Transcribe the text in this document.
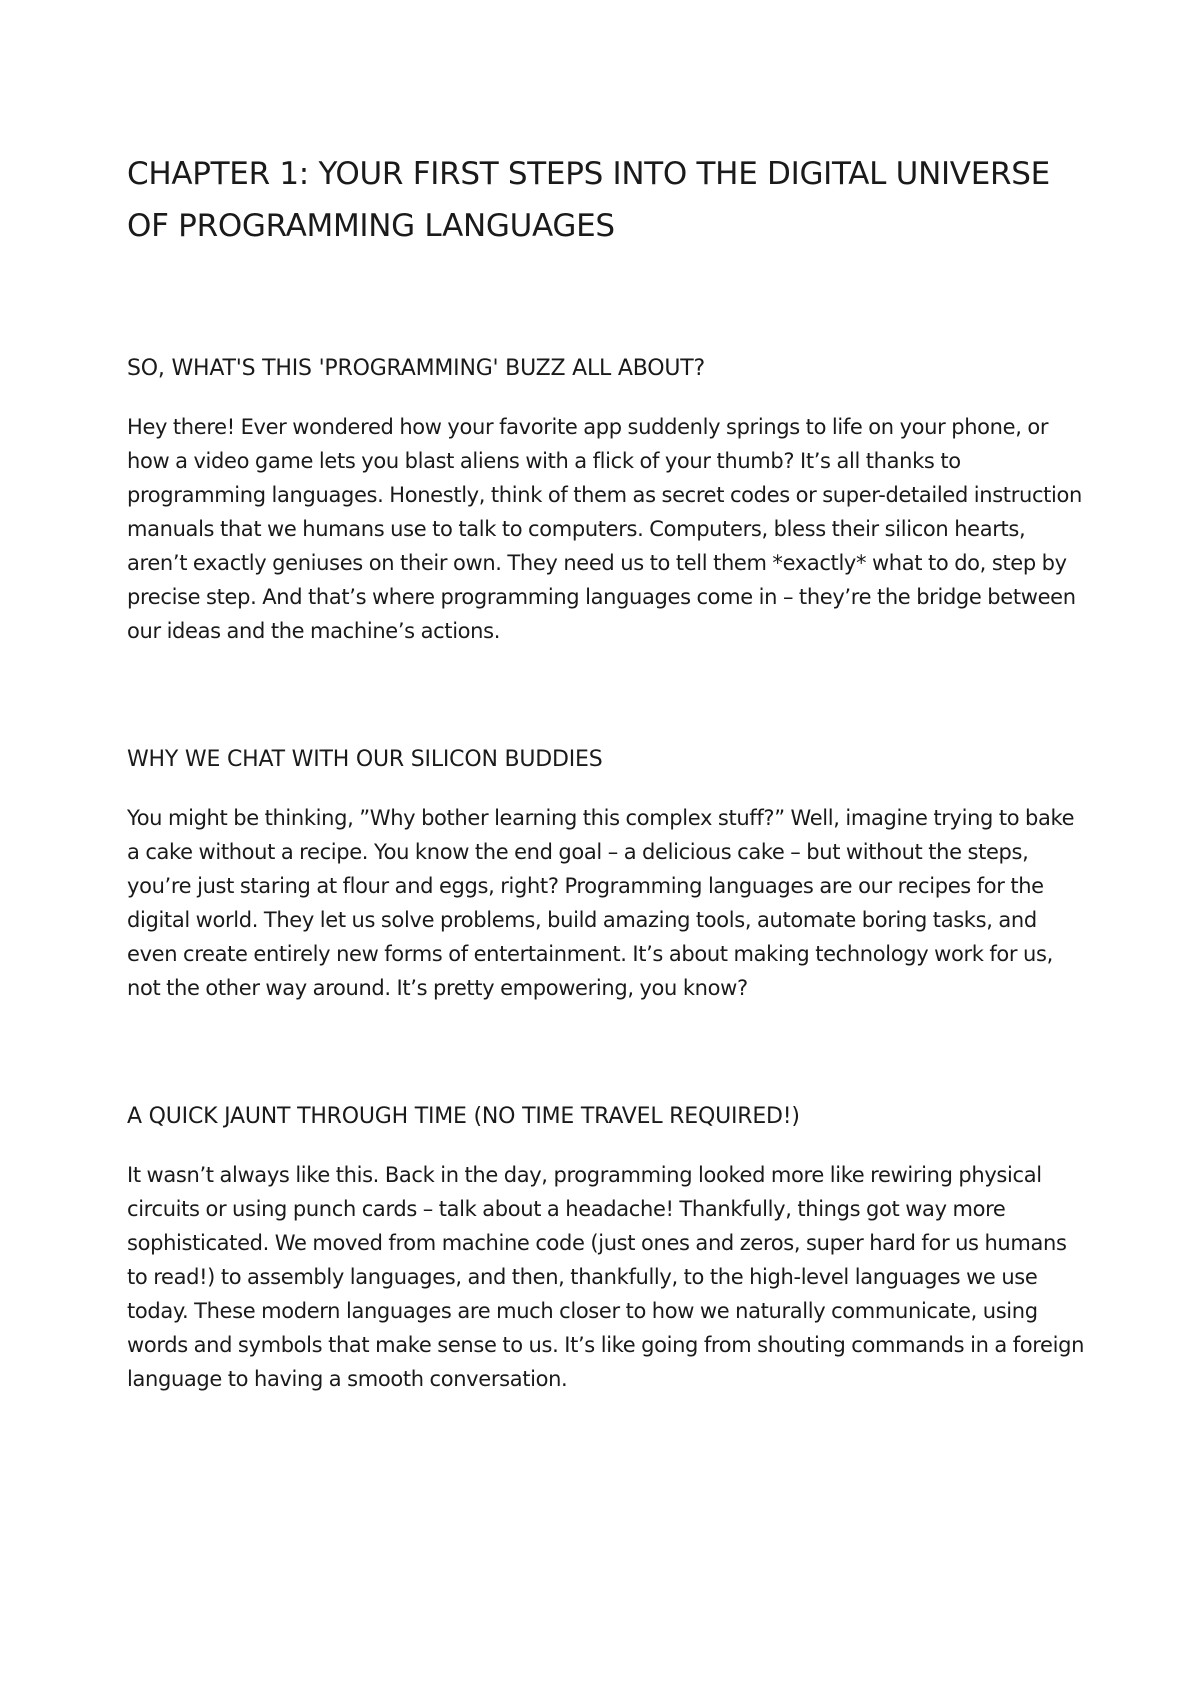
CHAPTER 1: YOUR FIRST STEPS INTO THE DIGITAL UNIVERSE OF PROGRAMMING LANGUAGES
SO, WHAT'S THIS 'PROGRAMMING' BUZZ ALL ABOUT?

Hey there! Ever wondered how your favorite app suddenly springs to life on your phone, or how a video game lets you blast aliens with a flick of your thumb? It’s all thanks to programming languages. Honestly, think of them as secret codes or super-detailed instruction manuals that we humans use to talk to computers. Computers, bless their silicon hearts, aren’t exactly geniuses on their own. They need us to tell them *exactly* what to do, step by precise step. And that’s where programming languages come in – they’re the bridge between our ideas and the machine’s actions.

WHY WE CHAT WITH OUR SILICON BUDDIES

You might be thinking, ”Why bother learning this complex stuff?” Well, imagine trying to bake a cake without a recipe. You know the end goal – a delicious cake – but without the steps, you’re just staring at flour and eggs, right? Programming languages are our recipes for the digital world. They let us solve problems, build amazing tools, automate boring tasks, and even create entirely new forms of entertainment. It’s about making technology work for us, not the other way around. It’s pretty empowering, you know?

A QUICK JAUNT THROUGH TIME (NO TIME TRAVEL REQUIRED!)

It wasn’t always like this. Back in the day, programming looked more like rewiring physical circuits or using punch cards – talk about a headache! Thankfully, things got way more sophisticated. We moved from machine code (just ones and zeros, super hard for us humans to read!) to assembly languages, and then, thankfully, to the high-level languages we use today. These modern languages are much closer to how we naturally communicate, using words and symbols that make sense to us. It’s like going from shouting commands in a foreign language to having a smooth conversation.
